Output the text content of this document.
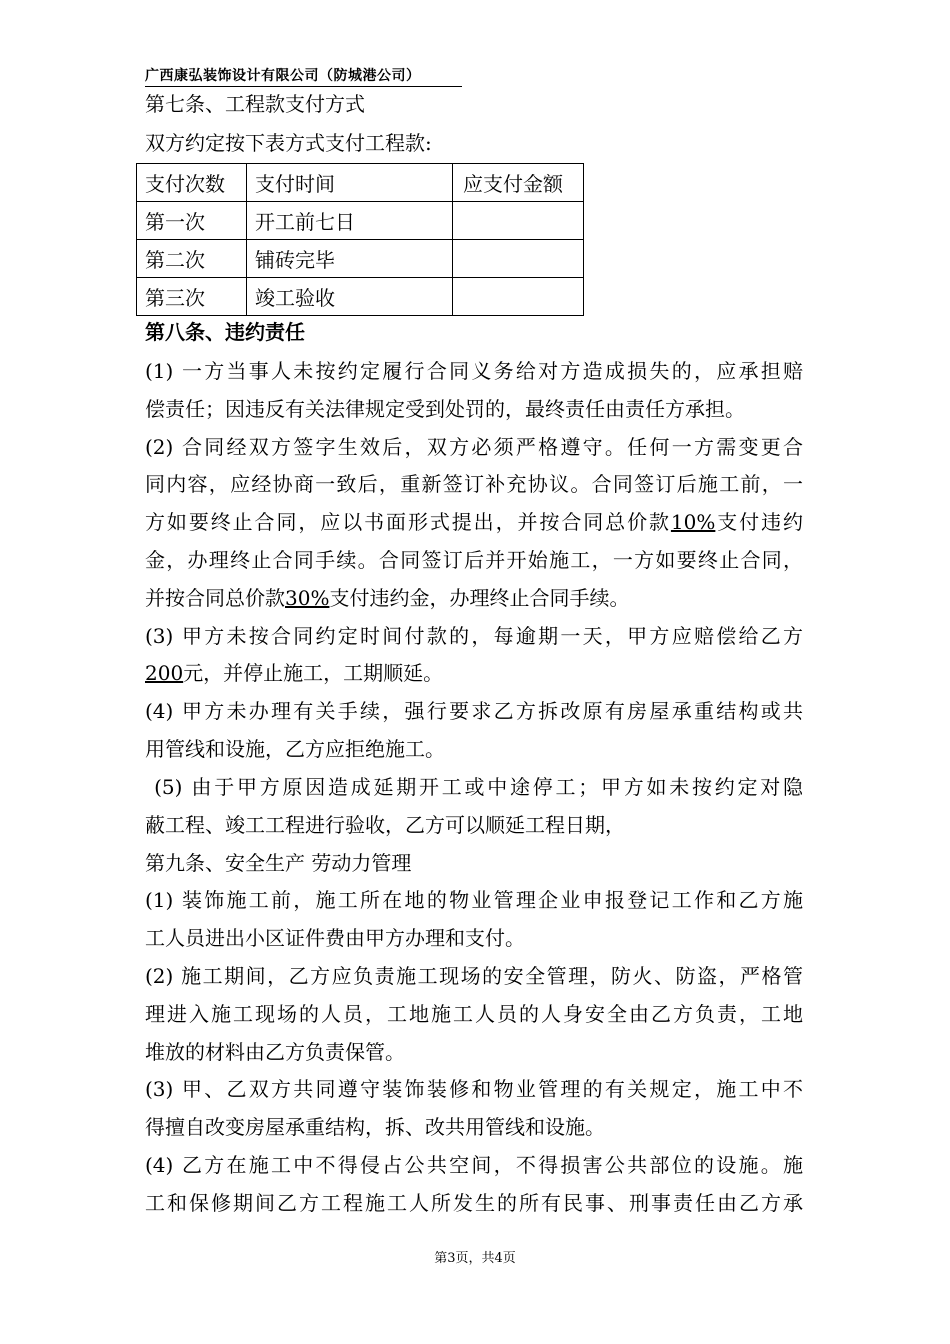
广西康弘装饰设计有限公司（防城港公司）
第七条、工程款支付方式
双方约定按下表方式支付工程款:
支付次数	支付时间	应支付金额
第一次	开工前七日	
第二次	铺砖完毕	
第三次	竣工验收	
第八条、违约责任
(1) 一方当事人未按约定履行合同义务给对方造成损失的，应承担赔
偿责任；因违反有关法律规定受到处罚的，最终责任由责任方承担。
(2) 合同经双方签字生效后，双方必须严格遵守。任何一方需变更合
同内容，应经协商一致后，重新签订补充协议。合同签订后施工前，一
方如要终止合同，应以书面形式提出，并按合同总价款10%支付违约
金，办理终止合同手续。合同签订后并开始施工，一方如要终止合同，
并按合同总价款30%支付违约金，办理终止合同手续。
(3) 甲方未按合同约定时间付款的，每逾期一天，甲方应赔偿给乙方
200元，并停止施工，工期顺延。
(4) 甲方未办理有关手续，强行要求乙方拆改原有房屋承重结构或共
用管线和设施，乙方应拒绝施工。
(5) 由于甲方原因造成延期开工或中途停工；甲方如未按约定对隐
蔽工程、竣工工程进行验收，乙方可以顺延工程日期，
第九条、安全生产 劳动力管理
(1) 装饰施工前，施工所在地的物业管理企业申报登记工作和乙方施
工人员进出小区证件费由甲方办理和支付。
(2) 施工期间，乙方应负责施工现场的安全管理，防火、防盗，严格管
理进入施工现场的人员，工地施工人员的人身安全由乙方负责，工地
堆放的材料由乙方负责保管。
(3) 甲、乙双方共同遵守装饰装修和物业管理的有关规定，施工中不
得擅自改变房屋承重结构，拆、改共用管线和设施。
(4) 乙方在施工中不得侵占公共空间，不得损害公共部位的设施。施
工和保修期间乙方工程施工人所发生的所有民事、刑事责任由乙方承
第3页，共4页
